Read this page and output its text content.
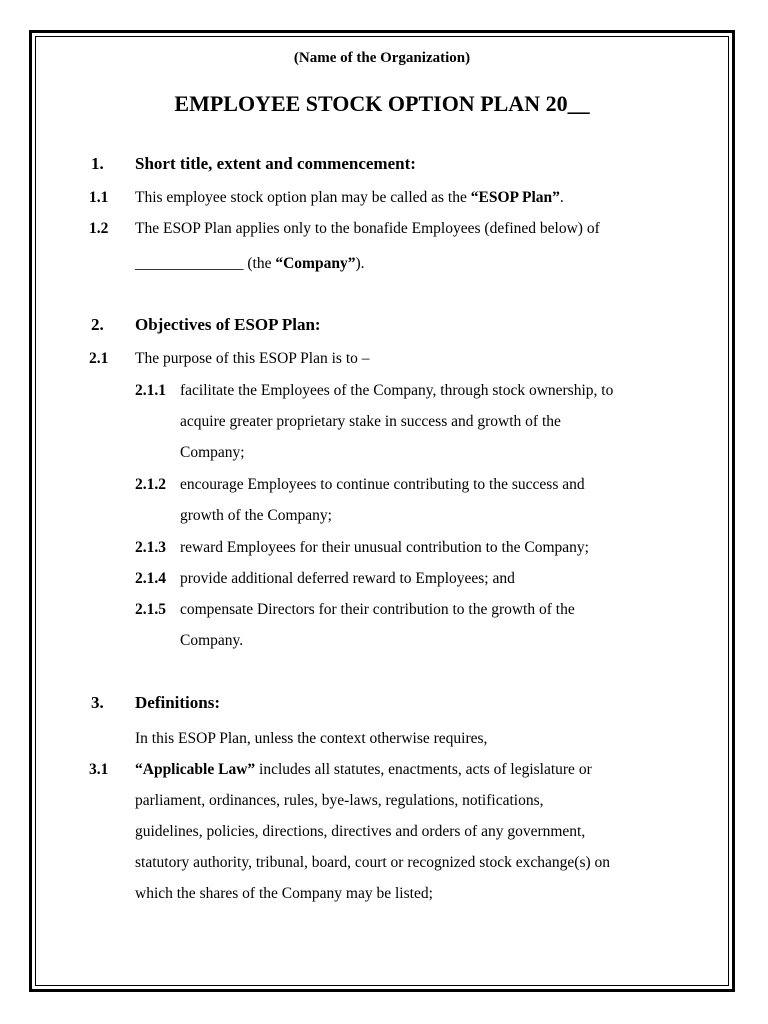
(Name of the Organization)
EMPLOYEE STOCK OPTION PLAN 20__
1. Short title, extent and commencement:
1.1 This employee stock option plan may be called as the “ESOP Plan”.
1.2 The ESOP Plan applies only to the bonafide Employees (defined below) of
______________ (the “Company”).
2. Objectives of ESOP Plan:
2.1 The purpose of this ESOP Plan is to –
2.1.1 facilitate the Employees of the Company, through stock ownership, to
acquire greater proprietary stake in success and growth of the
Company;
2.1.2 encourage Employees to continue contributing to the success and
growth of the Company;
2.1.3 reward Employees for their unusual contribution to the Company;
2.1.4 provide additional deferred reward to Employees; and
2.1.5 compensate Directors for their contribution to the growth of the
Company.
3. Definitions:
In this ESOP Plan, unless the context otherwise requires,
3.1 “Applicable Law” includes all statutes, enactments, acts of legislature or
parliament, ordinances, rules, bye-laws, regulations, notifications,
guidelines, policies, directions, directives and orders of any government,
statutory authority, tribunal, board, court or recognized stock exchange(s) on
which the shares of the Company may be listed;
